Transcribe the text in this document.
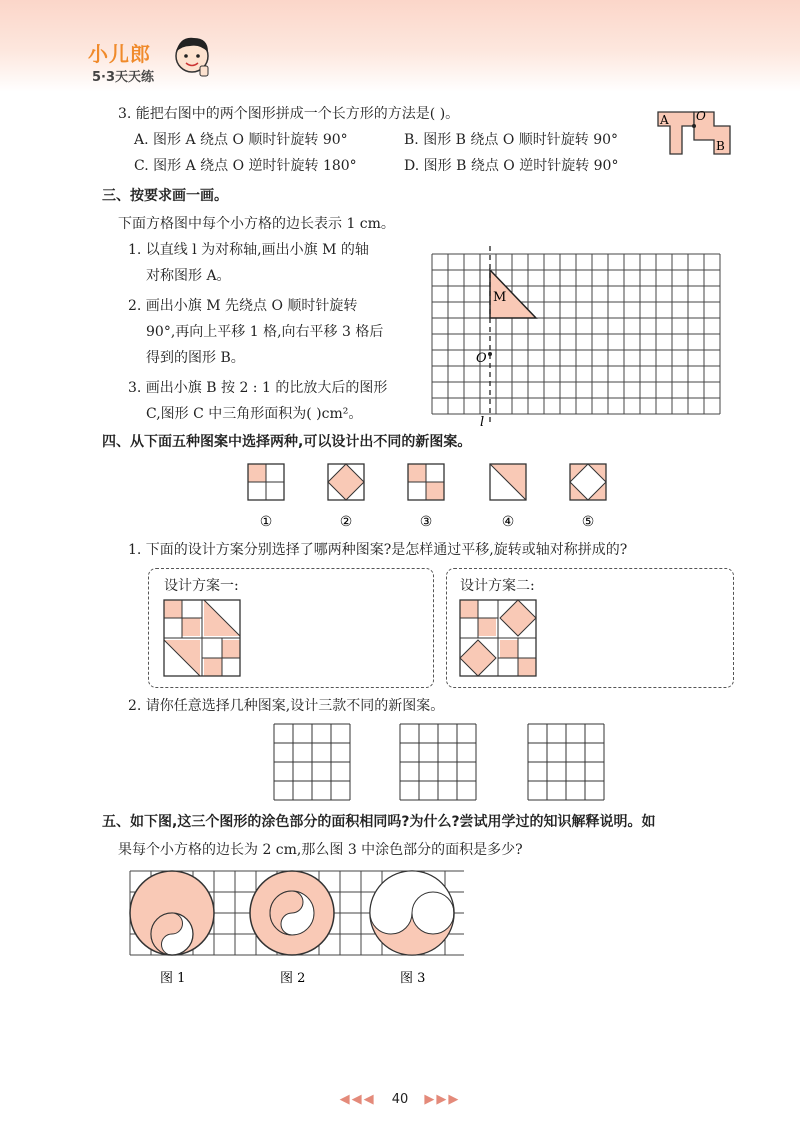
小儿郎
5·3天天练
3. 能把右图中的两个图形拼成一个长方形的方法是( )。
A. 图形 A 绕点 O 顺时针旋转 90°	B. 图形 B 绕点 O 顺时针旋转 90°
C. 图形 A 绕点 O 逆时针旋转 180°	D. 图形 B 绕点 O 逆时针旋转 90°
A O
B
三、按要求画一画。
下面方格图中每个小方格的边长表示 1 cm。
1. 以直线 l 为对称轴,画出小旗 M 的轴
对称图形 A。
2. 画出小旗 M 先绕点 O 顺时针旋转
90°,再向上平移 1 格,向右平移 3 格后
得到的图形 B。
3. 画出小旗 B 按 2 : 1 的比放大后的图形
C,图形 C 中三角形面积为( )cm²。
M
O
l
四、从下面五种图案中选择两种,可以设计出不同的新图案。
①	②	③	④	⑤
1. 下面的设计方案分别选择了哪两种图案?是怎样通过平移,旋转或轴对称拼成的?
设计方案一:	设计方案二:
2. 请你任意选择几种图案,设计三款不同的新图案。
五、如下图,这三个图形的涂色部分的面积相同吗?为什么?尝试用学过的知识解释说明。如
果每个小方格的边长为 2 cm,那么图 3 中涂色部分的面积是多少?
图 1	图 2	图 3
◀◀◀ 40 ▶▶▶
